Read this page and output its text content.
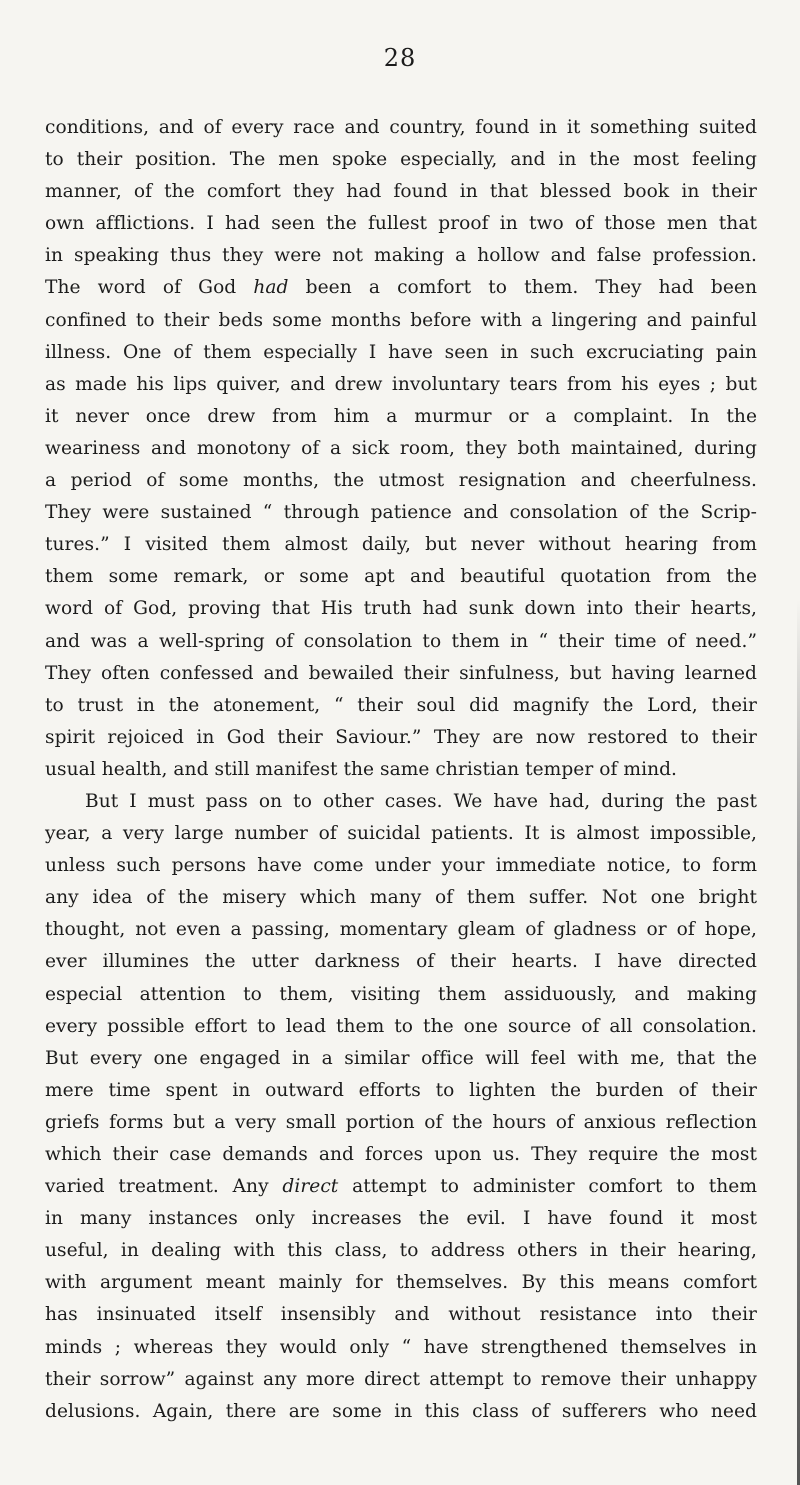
28
conditions, and of every race and country, found in it something suited
to their position. The men spoke especially, and in the most feeling
manner, of the comfort they had found in that blessed book in their
own afflictions. I had seen the fullest proof in two of those men that
in speaking thus they were not making a hollow and false profession.
The word of God had been a comfort to them. They had been
confined to their beds some months before with a lingering and painful
illness. One of them especially I have seen in such excruciating pain
as made his lips quiver, and drew involuntary tears from his eyes ; but
it never once drew from him a murmur or a complaint. In the
weariness and monotony of a sick room, they both maintained, during
a period of some months, the utmost resignation and cheerfulness.
They were sustained “ through patience and consolation of the Scrip-
tures.” I visited them almost daily, but never without hearing from
them some remark, or some apt and beautiful quotation from the
word of God, proving that His truth had sunk down into their hearts,
and was a well-spring of consolation to them in “ their time of need.”
They often confessed and bewailed their sinfulness, but having learned
to trust in the atonement, “ their soul did magnify the Lord, their
spirit rejoiced in God their Saviour.” They are now restored to their
usual health, and still manifest the same christian temper of mind.
But I must pass on to other cases. We have had, during the past
year, a very large number of suicidal patients. It is almost impossible,
unless such persons have come under your immediate notice, to form
any idea of the misery which many of them suffer. Not one bright
thought, not even a passing, momentary gleam of gladness or of hope,
ever illumines the utter darkness of their hearts. I have directed
especial attention to them, visiting them assiduously, and making
every possible effort to lead them to the one source of all consolation.
But every one engaged in a similar office will feel with me, that the
mere time spent in outward efforts to lighten the burden of their
griefs forms but a very small portion of the hours of anxious reflection
which their case demands and forces upon us. They require the most
varied treatment. Any direct attempt to administer comfort to them
in many instances only increases the evil. I have found it most
useful, in dealing with this class, to address others in their hearing,
with argument meant mainly for themselves. By this means comfort
has insinuated itself insensibly and without resistance into their
minds ; whereas they would only “ have strengthened themselves in
their sorrow” against any more direct attempt to remove their unhappy
delusions. Again, there are some in this class of sufferers who need
